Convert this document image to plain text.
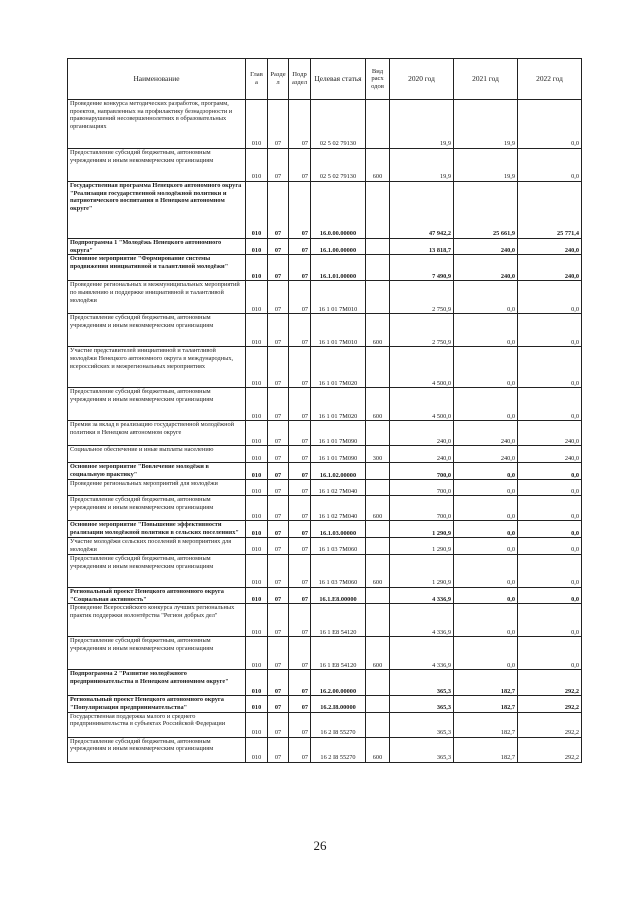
Наименование	Глав а	Разде л	Подр аздел	Целевая статья	Вид расх одов	2020 год	2021 год	2022 год
Проведение конкурса методических разработок, программ, проектов, направленных на профилактику безнадзорности и правонарушений несовершеннолетних в образовательных организациях	010	07	07	02 5 02 79130		19,9	19,9	0,0
Предоставление субсидий бюджетным, автономным учреждениям и иным некоммерческим организациям	010	07	07	02 5 02 79130	600	19,9	19,9	0,0
Государственная программа Ненецкого автономного округа "Реализация государственной молодёжной политики и патриотического воспитания в Ненецком автономном округе"	010	07	07	16.0.00.00000		47 942,2	25 661,9	25 771,4
Подпрограмма 1 "Молодёжь Ненецкого автономного округа"	010	07	07	16.1.00.00000		13 818,7	240,0	240,0
Основное мероприятие "Формирование системы продвижения инициативной и талантливой молодёжи"	010	07	07	16.1.01.00000		7 490,9	240,0	240,0
Проведение региональных и межмуниципальных мероприятий по выявлению и поддержке инициативной и талантливой молодёжи	010	07	07	16 1 01 7М010		2 750,9	0,0	0,0
Предоставление субсидий бюджетным, автономным учреждениям и иным некоммерческим организациям	010	07	07	16 1 01 7М010	600	2 750,9	0,0	0,0
Участие представителей инициативной и талантливой молодёжи Ненецкого автономного округа в международных, всероссийских и межрегиональных мероприятиях	010	07	07	16 1 01 7М020		4 500,0	0,0	0,0
Предоставление субсидий бюджетным, автономным учреждениям и иным некоммерческим организациям	010	07	07	16 1 01 7М020	600	4 500,0	0,0	0,0
Премия за вклад в реализацию государственной молодёжной политики в Ненецком автономном округе	010	07	07	16 1 01 7М090		240,0	240,0	240,0
Социальное обеспечение и иные выплаты населению	010	07	07	16 1 01 7М090	300	240,0	240,0	240,0
Основное мероприятие "Вовлечение молодёжи в социальную практику"	010	07	07	16.1.02.00000		700,0	0,0	0,0
Проведение региональных мероприятий для молодёжи	010	07	07	16 1 02 7М040		700,0	0,0	0,0
Предоставление субсидий бюджетным, автономным учреждениям и иным некоммерческим организациям	010	07	07	16 1 02 7М040	600	700,0	0,0	0,0
Основное мероприятие "Повышение эффективности реализации молодёжной политики в сельских поселениях"	010	07	07	16.1.03.00000		1 290,9	0,0	0,0
Участие молодёжи сельских поселений в мероприятиях для молодёжи	010	07	07	16 1 03 7М060		1 290,9	0,0	0,0
Предоставление субсидий бюджетным, автономным учреждениям и иным некоммерческим организациям	010	07	07	16 1 03 7М060	600	1 290,9	0,0	0,0
Региональный проект Ненецкого автономного округа "Социальная активность"	010	07	07	16.1.Е8.00000		4 336,9	0,0	0,0
Проведение Всероссийского конкурса лучших региональных практик поддержки волонтёрства "Регион добрых дел"	010	07	07	16 1 Е8 54120		4 336,9	0,0	0,0
Предоставление субсидий бюджетным, автономным учреждениям и иным некоммерческим организациям	010	07	07	16 1 Е8 54120	600	4 336,9	0,0	0,0
Подпрограмма 2 "Развитие молодёжного предпринимательства в Ненецком автономном округе"	010	07	07	16.2.00.00000		365,3	182,7	292,2
Региональный проект Ненецкого автономного округа "Популяризация предпринимательства"	010	07	07	16.2.I8.00000		365,3	182,7	292,2
Государственная поддержка малого и среднего предпринимательства в субъектах Российской Федерации	010	07	07	16 2 I8 55270		365,3	182,7	292,2
Предоставление субсидий бюджетным, автономным учреждениям и иным некоммерческим организациям	010	07	07	16 2 I8 55270	600	365,3	182,7	292,2
26
